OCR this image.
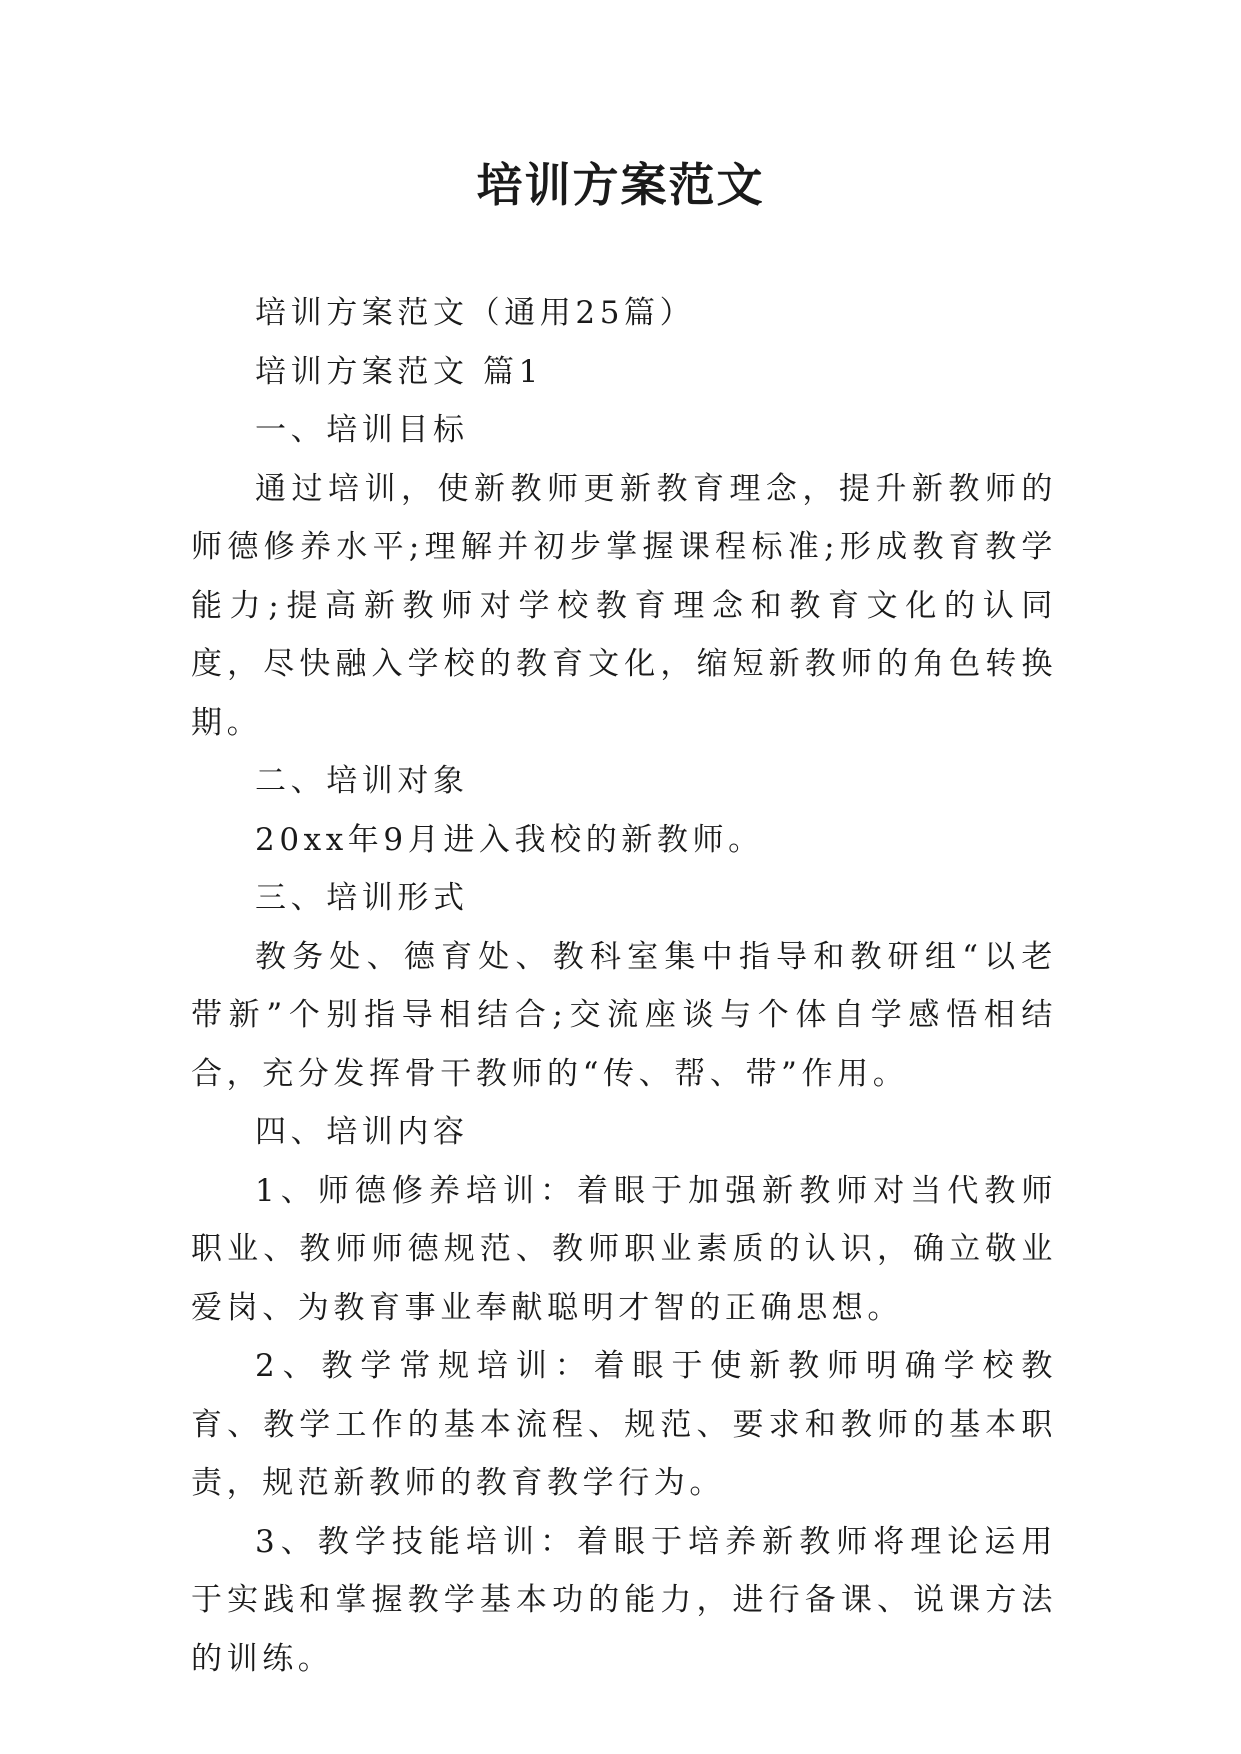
培训方案范文

培训方案范文（通用25篇）

培训方案范文 篇1

一、培训目标

通过培训，使新教师更新教育理念，提升新教师的师德修养水平;理解并初步掌握课程标准;形成教育教学能力;提高新教师对学校教育理念和教育文化的认同度，尽快融入学校的教育文化，缩短新教师的角色转换期。

二、培训对象

20xx年9月进入我校的新教师。

三、培训形式

教务处、德育处、教科室集中指导和教研组“以老带新”个别指导相结合;交流座谈与个体自学感悟相结合，充分发挥骨干教师的“传、帮、带”作用。

四、培训内容

1、师德修养培训：着眼于加强新教师对当代教师职业、教师师德规范、教师职业素质的认识，确立敬业爱岗、为教育事业奉献聪明才智的正确思想。

2、教学常规培训：着眼于使新教师明确学校教育、教学工作的基本流程、规范、要求和教师的基本职责，规范新教师的教育教学行为。

3、教学技能培训：着眼于培养新教师将理论运用于实践和掌握教学基本功的能力，进行备课、说课方法的训练。
